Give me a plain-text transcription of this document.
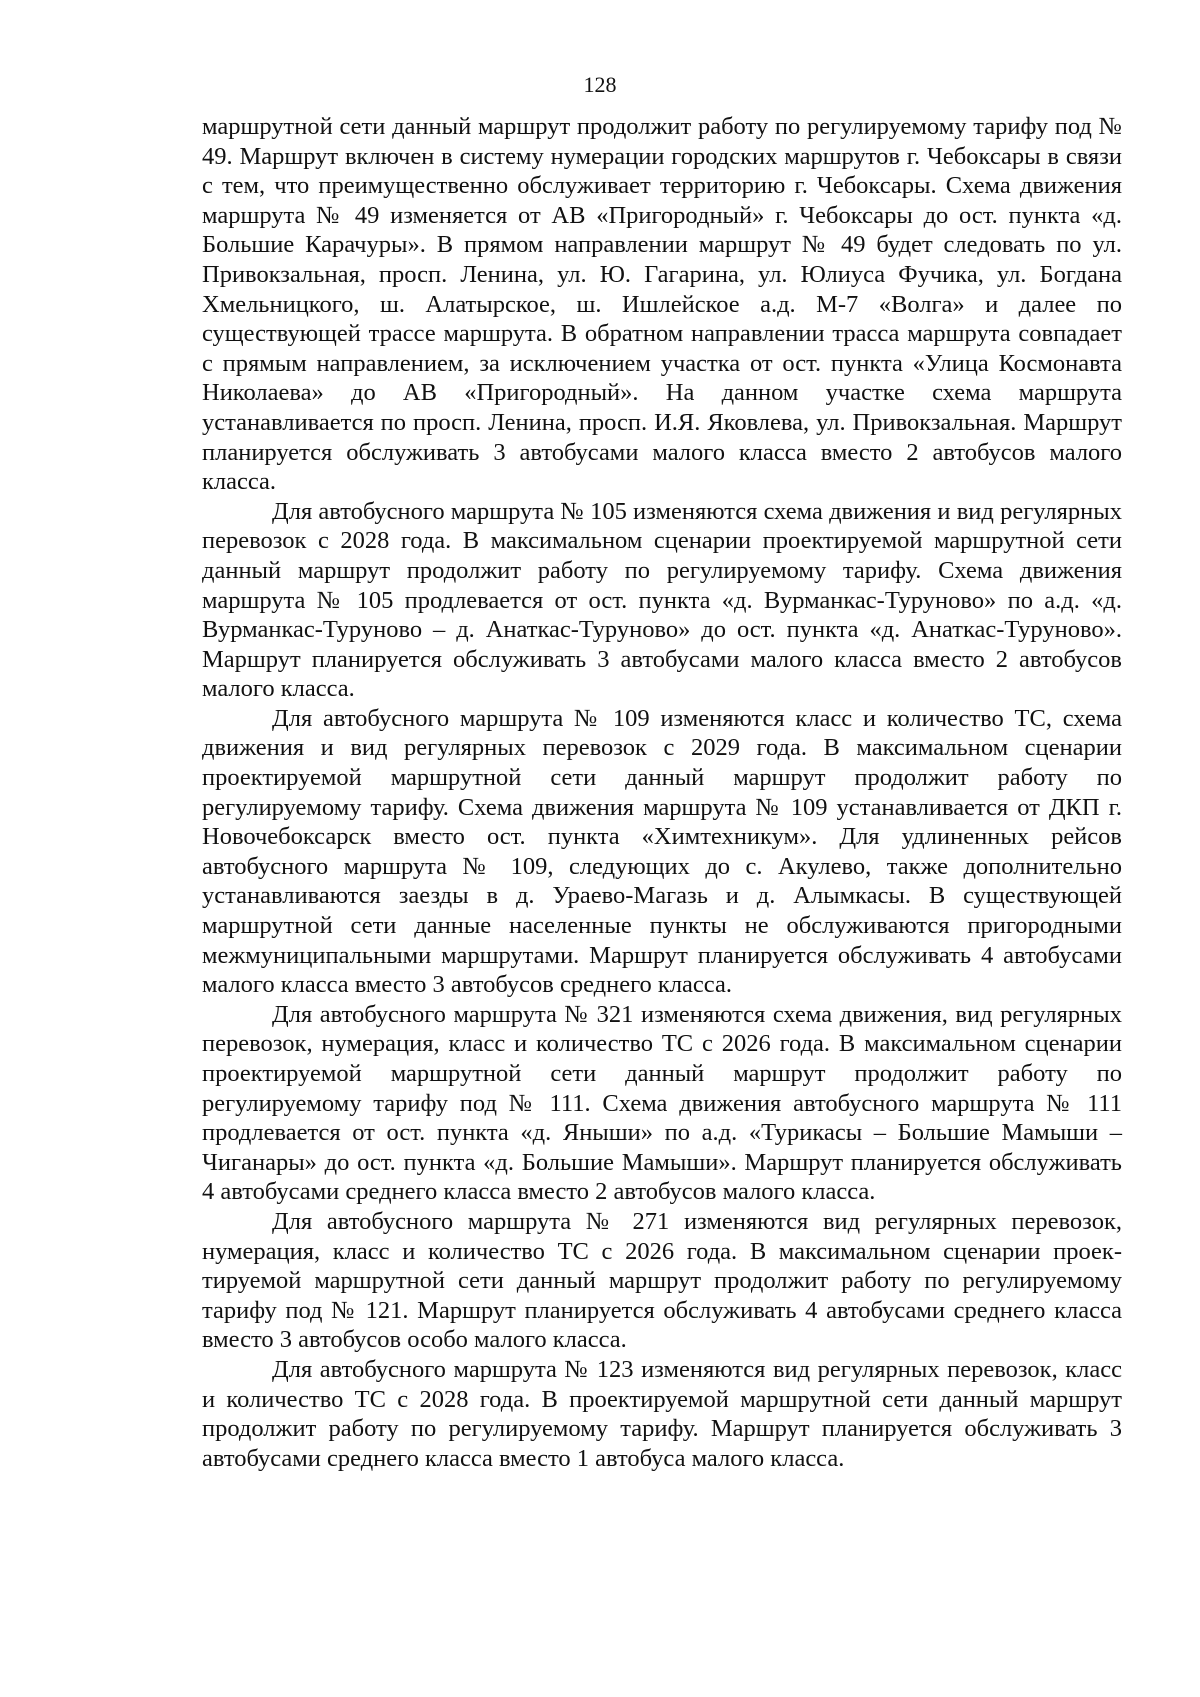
128

маршрутной сети данный маршрут продолжит работу по регулируемому тарифу под № 49. Маршрут включен в систему нумерации городских маршрутов г. Чебоксары в связи с тем, что преимущественно обслуживает территорию г. Чебоксары. Схема движения маршрута № 49 изменяется от АВ «Пригородный» г. Чебоксары до ост. пункта «д. Большие Карачуры». В прямом направлении маршрут № 49 будет следовать по ул. Привокзальная, просп. Ленина, ул. Ю. Гагарина, ул. Юлиуса Фучика, ул. Богдана Хмельницкого, ш. Алатырское, ш. Ишлейское а.д. М-7 «Волга» и далее по существующей трассе маршрута. В обратном направлении трасса маршрута совпадает с прямым направлением, за исключением участка от ост. пункта «Улица Космонавта Николаева» до АВ «Пригородный». На данном участке схема маршрута устанавливается по просп. Ленина, просп. И.Я. Яковлева, ул. Привокзальная. Маршрут планируется обслуживать 3 автобусами малого класса вместо 2 автобусов малого класса.

Для автобусного маршрута № 105 изменяются схема движения и вид регулярных перевозок с 2028 года. В максимальном сценарии проектируемой маршрутной сети данный маршрут продолжит работу по регулируемому тарифу. Схема движения маршрута № 105 продлевается от ост. пункта «д. Вурманкас-Туруново» по а.д. «д. Вурманкас-Туруново – д. Анаткас-Туруново» до ост. пункта «д. Анаткас-Туруново». Маршрут планируется обслуживать 3 автобусами малого класса вместо 2 автобусов малого класса.

Для автобусного маршрута № 109 изменяются класс и количество ТС, схема движения и вид регулярных перевозок с 2029 года. В максимальном сценарии проектируемой маршрутной сети данный маршрут продолжит работу по регулируемому тарифу. Схема движения маршрута № 109 устанавливается от ДКП г. Новочебоксарск вместо ост. пункта «Химтехникум». Для удлиненных рейсов автобусного маршрута № 109, следующих до с. Акулево, также дополнительно устанавливаются заезды в д. Ураево-Магазь и д. Алымкасы. В существующей маршрутной сети данные населенные пункты не обслуживаются пригородными межмуниципальными маршрутами. Маршрут планируется обслуживать 4 автобусами малого класса вместо 3 автобусов среднего класса.

Для автобусного маршрута № 321 изменяются схема движения, вид регулярных перевозок, нумерация, класс и количество ТС с 2026 года. В максимальном сценарии проектируемой маршрутной сети данный маршрут продолжит работу по регулируемому тарифу под № 111. Схема движения автобусного маршрута № 111 продлевается от ост. пункта «д. Яныши» по а.д. «Турикасы – Большие Мамыши – Чиганары» до ост. пункта «д. Большие Мамыши». Маршрут планируется обслуживать 4 автобусами среднего класса вместо 2 автобусов малого класса.

Для автобусного маршрута № 271 изменяются вид регулярных перевозок, нумерация, класс и количество ТС с 2026 года. В максимальном сценарии проектируемой маршрутной сети данный маршрут продолжит работу по регулируемому тарифу под № 121. Маршрут планируется обслуживать 4 автобусами среднего класса вместо 3 автобусов особо малого класса.

Для автобусного маршрута № 123 изменяются вид регулярных перевозок, класс и количество ТС с 2028 года. В проектируемой маршрутной сети данный маршрут продолжит работу по регулируемому тарифу. Маршрут планируется обслуживать 3 автобусами среднего класса вместо 1 автобуса малого класса.
